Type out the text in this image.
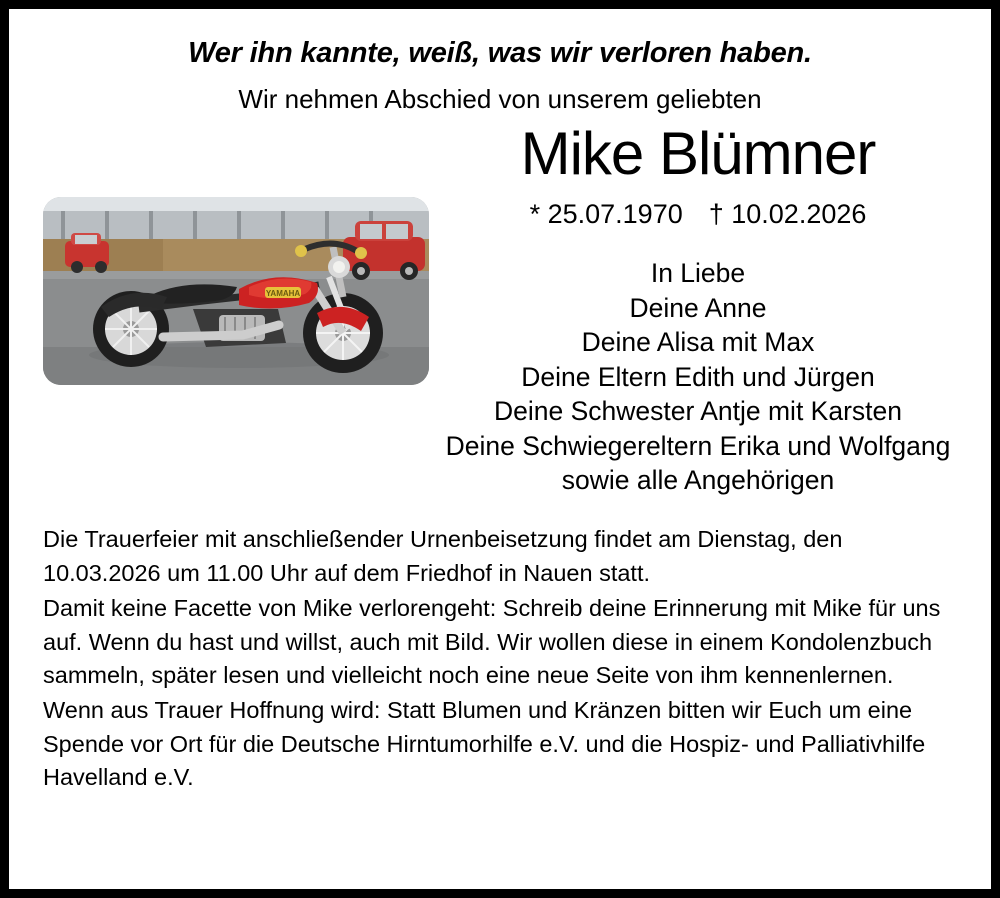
Wer ihn kannte, weiß, was wir verloren haben.
Wir nehmen Abschied von unserem geliebten
YAMAHA
Mike Blümner
* 25.07.1970 † 10.02.2026
In Liebe
Deine Anne
Deine Alisa mit Max
Deine Eltern Edith und Jürgen
Deine Schwester Antje mit Karsten
Deine Schwiegereltern Erika und Wolfgang
sowie alle Angehörigen

Die Trauerfeier mit anschließender Urnenbeisetzung findet am Dienstag, den 10.03.2026 um 11.00 Uhr auf dem Friedhof in Nauen statt.

Damit keine Facette von Mike verlorengeht: Schreib deine Erinnerung mit Mike für uns auf. Wenn du hast und willst, auch mit Bild. Wir wollen diese in einem Kondolenzbuch sammeln, später lesen und vielleicht noch eine neue Seite von ihm kennenlernen.

Wenn aus Trauer Hoffnung wird: Statt Blumen und Kränzen bitten wir Euch um eine Spende vor Ort für die Deutsche Hirntumorhilfe e.V. und die Hospiz- und Palliativhilfe Havelland e.V.
